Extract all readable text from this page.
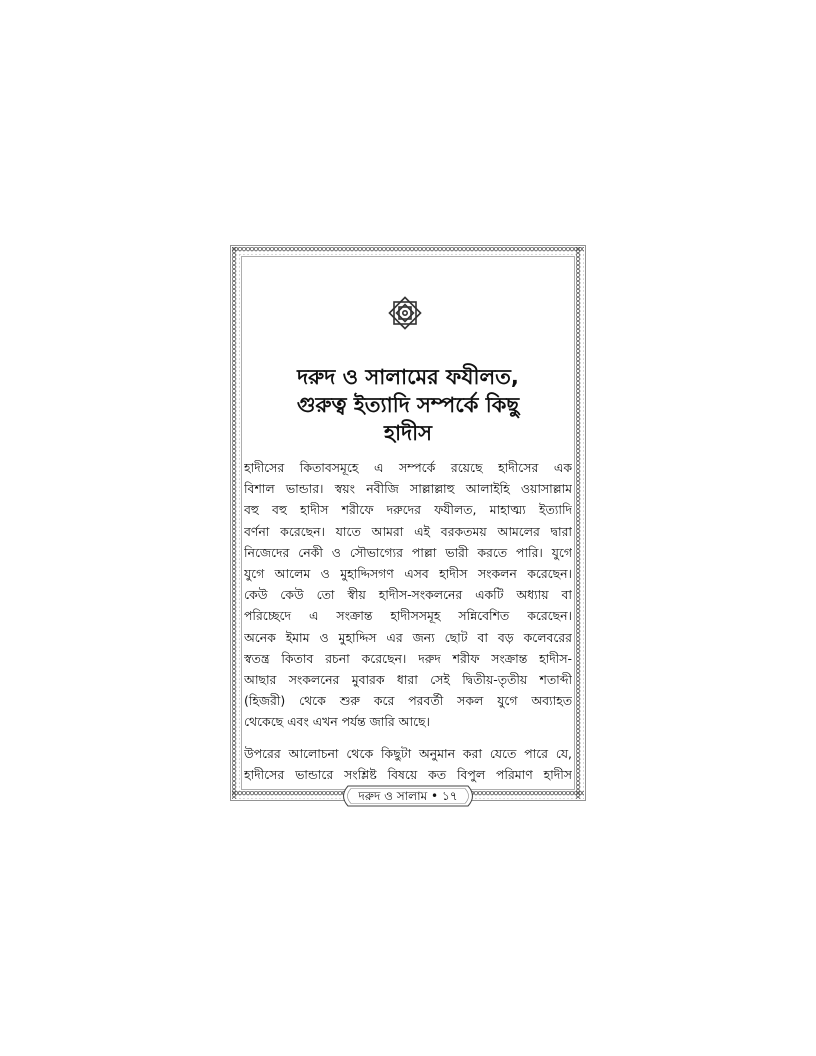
দরুদ ও সালামের ফযীলত,
গুরুত্ব ইত্যাদি সম্পর্কে কিছু
হাদীস

হাদীসের কিতাবসমূহে এ সম্পর্কে রয়েছে হাদীসের এক
বিশাল ভান্ডার। স্বয়ং নবীজি সাল্লাল্লাহু আলাইহি ওয়াসাল্লাম
বহু বহু হাদীস শরীফে দরুদের ফযীলত, মাহাত্ম্য ইত্যাদি
বর্ণনা করেছেন। যাতে আমরা এই বরকতময় আমলের দ্বারা
নিজেদের নেকী ও সৌভাগ্যের পাল্লা ভারী করতে পারি। যুগে
যুগে আলেম ও মুহাদ্দিসগণ এসব হাদীস সংকলন করেছেন।
কেউ কেউ তো স্বীয় হাদীস-সংকলনের একটি অধ্যায় বা
পরিচ্ছেদে এ সংক্রান্ত হাদীসসমূহ সন্নিবেশিত করেছেন।
অনেক ইমাম ও মুহাদ্দিস এর জন্য ছোট বা বড় কলেবরের
স্বতন্ত্র কিতাব রচনা করেছেন। দরুদ শরীফ সংক্রান্ত হাদীস-
আছার সংকলনের মুবারক ধারা সেই দ্বিতীয়-তৃতীয় শতাব্দী
(হিজরী) থেকে শুরু করে পরবর্তী সকল যুগে অব্যাহত
থেকেছে এবং এখন পর্যন্ত জারি আছে।

উপরের আলোচনা থেকে কিছুটা অনুমান করা যেতে পারে যে,
হাদীসের ভান্ডারে সংশ্লিষ্ট বিষয়ে কত বিপুল পরিমাণ হাদীস

দরুদ ও সালাম • ১৭
